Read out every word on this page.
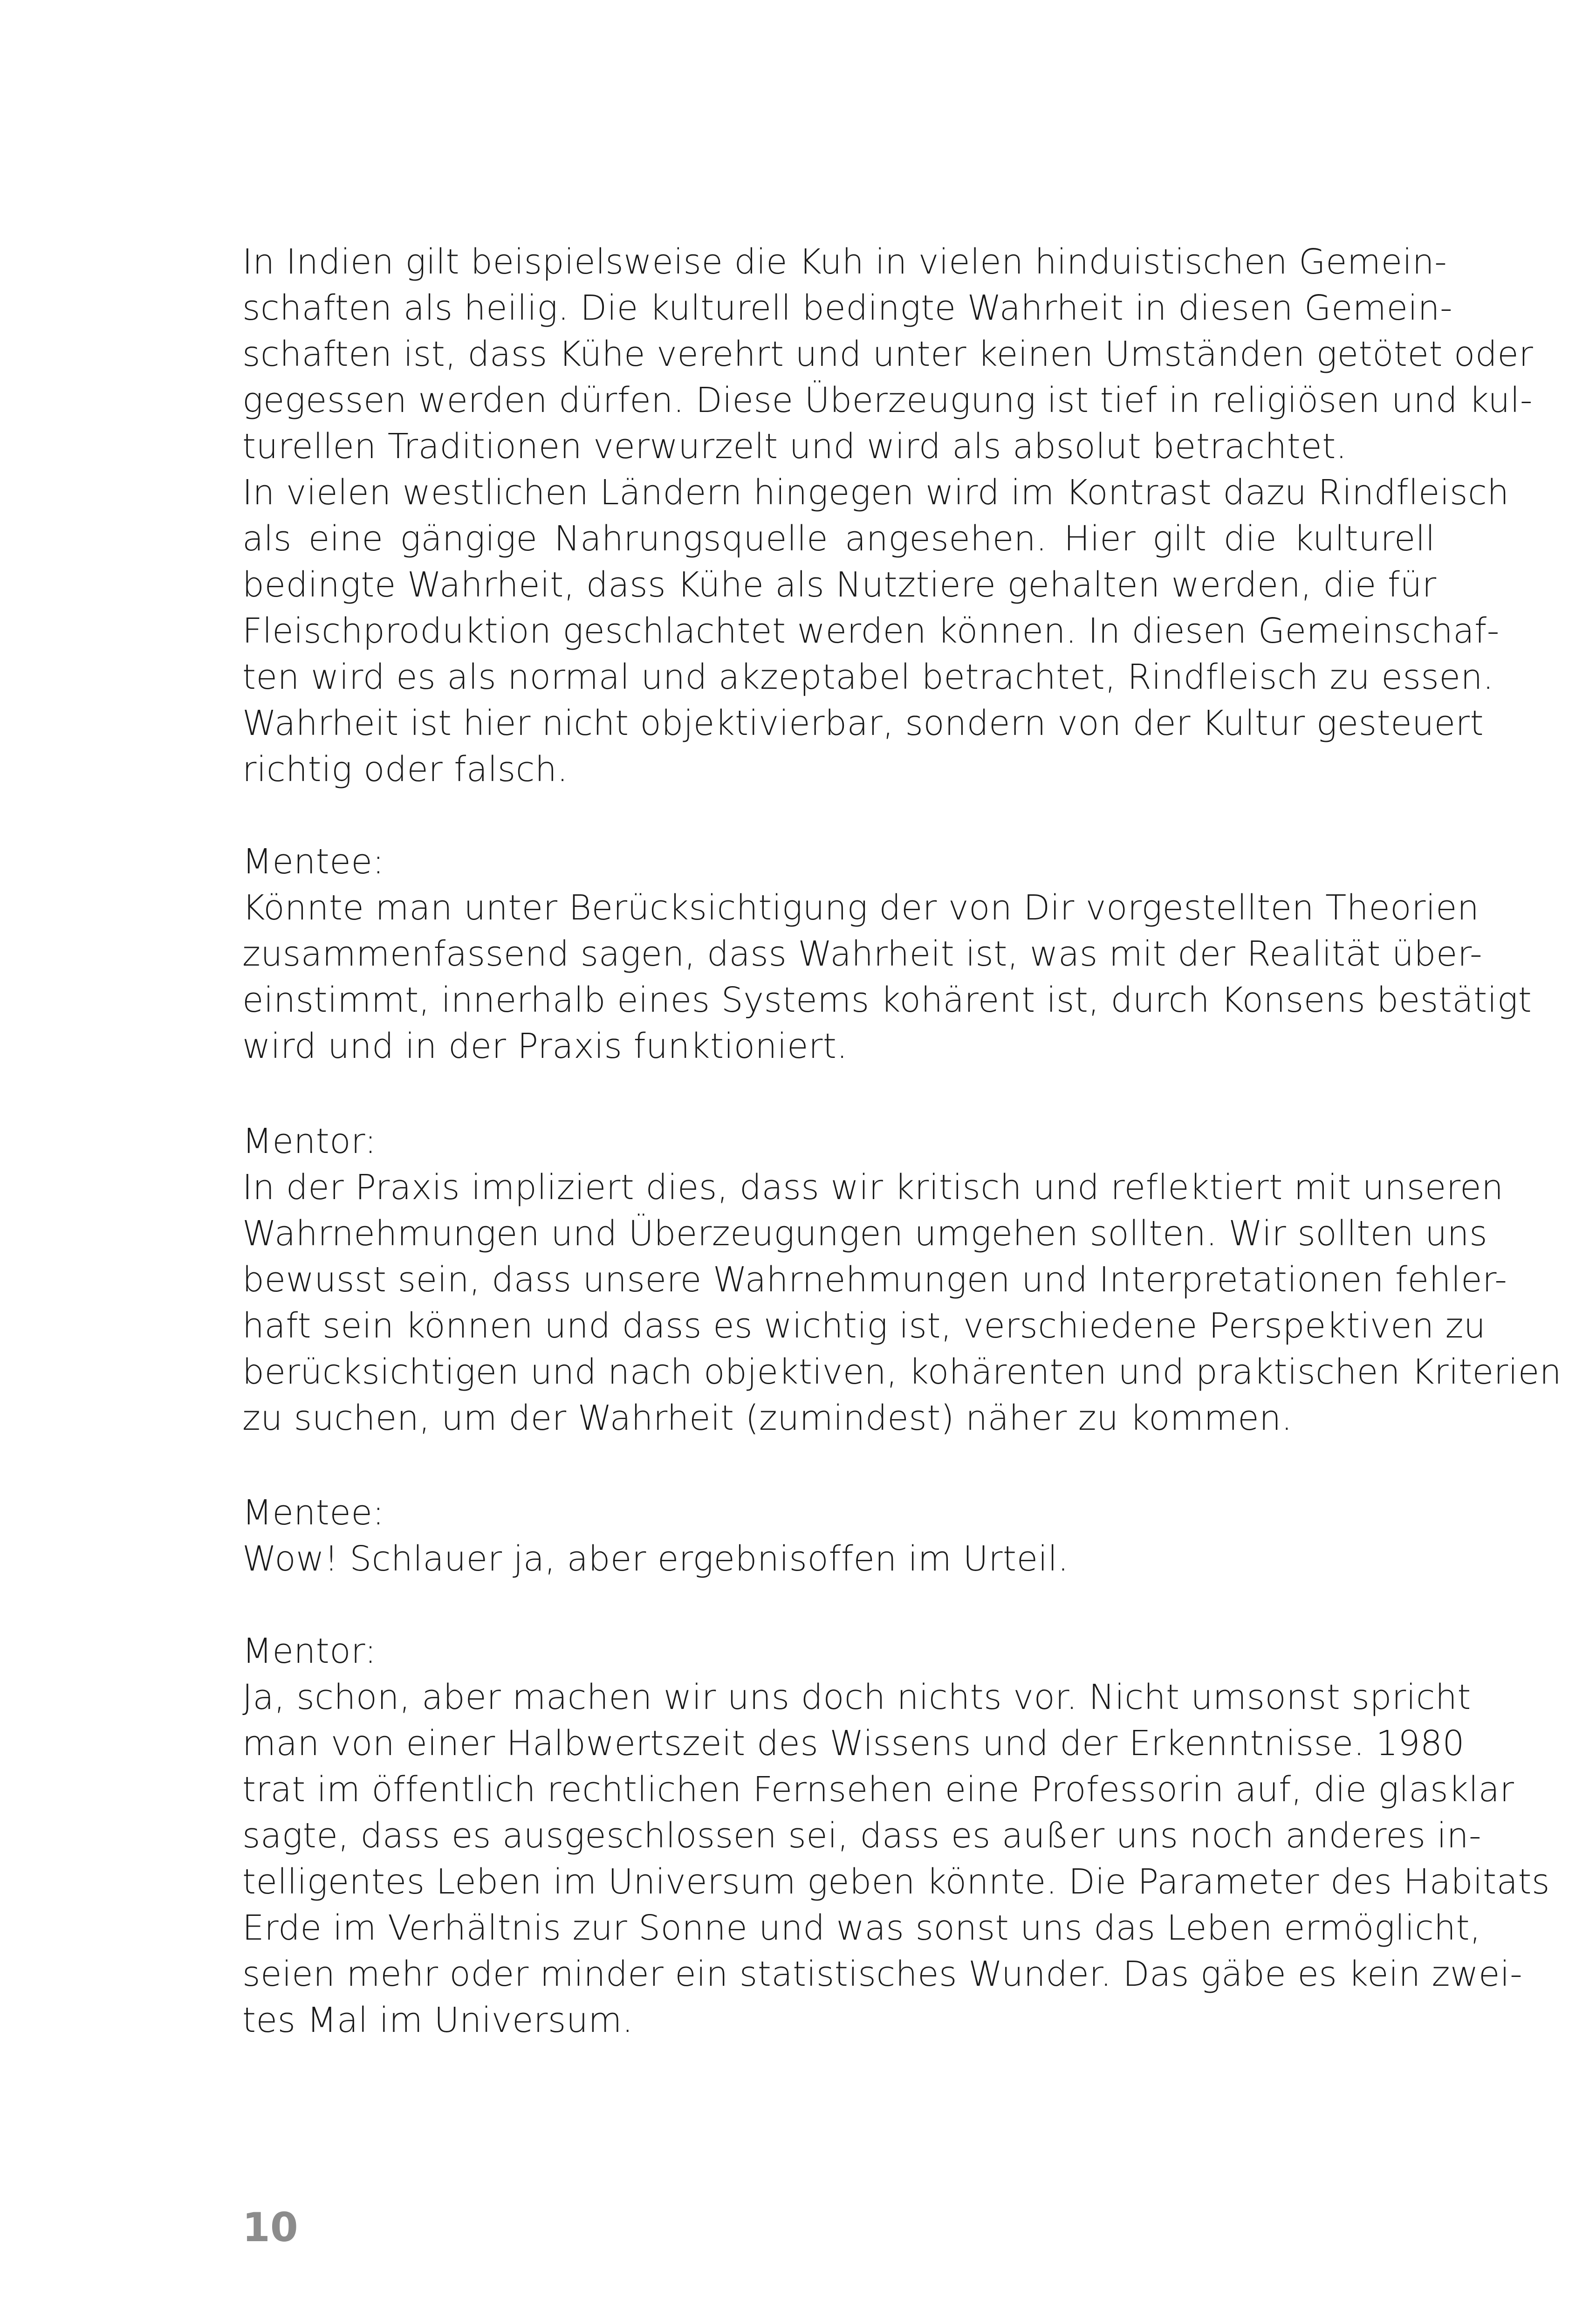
In Indien gilt beispielsweise die Kuh in vielen hinduistischen Gemein-
schaften als heilig. Die kulturell bedingte Wahrheit in diesen Gemein-
schaften ist, dass Kühe verehrt und unter keinen Umständen getötet oder
gegessen werden dürfen. Diese Überzeugung ist tief in religiösen und kul-
turellen Traditionen verwurzelt und wird als absolut betrachtet.
In vielen westlichen Ländern hingegen wird im Kontrast dazu Rindfleisch
als eine gängige Nahrungsquelle angesehen. Hier gilt die kulturell
bedingte Wahrheit, dass Kühe als Nutztiere gehalten werden, die für
Fleischproduktion geschlachtet werden können. In diesen Gemeinschaf-
ten wird es als normal und akzeptabel betrachtet, Rindfleisch zu essen.
Wahrheit ist hier nicht objektivierbar, sondern von der Kultur gesteuert
richtig oder falsch.
Mentee:
Könnte man unter Berücksichtigung der von Dir vorgestellten Theorien
zusammenfassend sagen, dass Wahrheit ist, was mit der Realität über-
einstimmt, innerhalb eines Systems kohärent ist, durch Konsens bestätigt
wird und in der Praxis funktioniert.
Mentor:
In der Praxis impliziert dies, dass wir kritisch und reflektiert mit unseren
Wahrnehmungen und Überzeugungen umgehen sollten. Wir sollten uns
bewusst sein, dass unsere Wahrnehmungen und Interpretationen fehler-
haft sein können und dass es wichtig ist, verschiedene Perspektiven zu
berücksichtigen und nach objektiven, kohärenten und praktischen Kriterien
zu suchen, um der Wahrheit (zumindest) näher zu kommen.
Mentee:
Wow! Schlauer ja, aber ergebnisoffen im Urteil.
Mentor:
Ja, schon, aber machen wir uns doch nichts vor. Nicht umsonst spricht
man von einer Halbwertszeit des Wissens und der Erkenntnisse. 1980
trat im öffentlich rechtlichen Fernsehen eine Professorin auf, die glasklar
sagte, dass es ausgeschlossen sei, dass es außer uns noch anderes in-
telligentes Leben im Universum geben könnte. Die Parameter des Habitats
Erde im Verhältnis zur Sonne und was sonst uns das Leben ermöglicht,
seien mehr oder minder ein statistisches Wunder. Das gäbe es kein zwei-
tes Mal im Universum.
10
